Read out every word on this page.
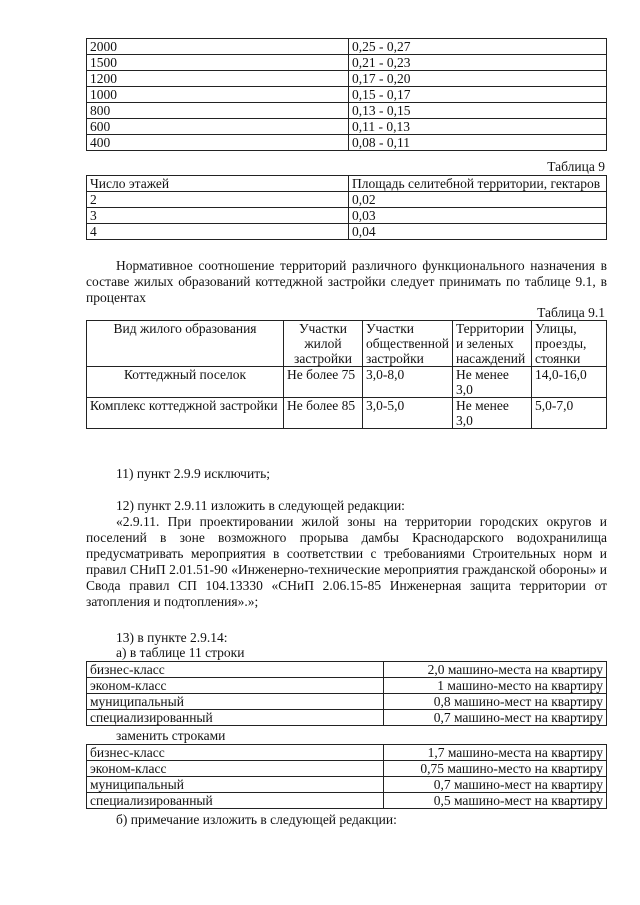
2000	0,25 - 0,27
1500	0,21 - 0,23
1200	0,17 - 0,20
1000	0,15 - 0,17
800	0,13 - 0,15
600	0,11 - 0,13
400	0,08 - 0,11
Таблица 9
Число этажей	Площадь селитебной территории, гектаров
2	0,02
3	0,03
4	0,04

Нормативное соотношение территорий различного функционального назначения в составе жилых образований коттеджной застройки следует принимать по таблице 9.1, в процентах

Таблица 9.1
Вид жилого образования	Участки жилой застройки	Участки общественной застройки	Территории и зеленых насаждений	Улицы, проезды, стоянки
Коттеджный поселок	Не более 75	3,0-8,0	Не менее 3,0	14,0-16,0
Комплекс коттеджной застройки	Не более 85	3,0-5,0	Не менее 3,0	5,0-7,0

11) пункт 2.9.9 исключить;

12) пункт 2.9.11 изложить в следующей редакции:

«2.9.11. При проектировании жилой зоны на территории городских округов и поселений в зоне возможного прорыва дамбы Краснодарского водохранилища предусматривать мероприятия в соответствии с требованиями Строительных норм и правил СНиП 2.01.51-90 «Инженерно-технические мероприятия гражданской обороны» и Свода правил СП 104.13330 «СНиП 2.06.15-85 Инженерная защита территории от затопления и подтопления».»;

13) в пункте 2.9.14:

а) в таблице 11 строки

бизнес-класс	2,0 машино-места на квартиру
эконом-класс	1 машино-место на квартиру
муниципальный	0,8 машино-мест на квартиру
специализированный	0,7 машино-мест на квартиру

заменить строками

бизнес-класс	1,7 машино-места на квартиру
эконом-класс	0,75 машино-место на квартиру
муниципальный	0,7 машино-мест на квартиру
специализированный	0,5 машино-мест на квартиру

б) примечание изложить в следующей редакции:
